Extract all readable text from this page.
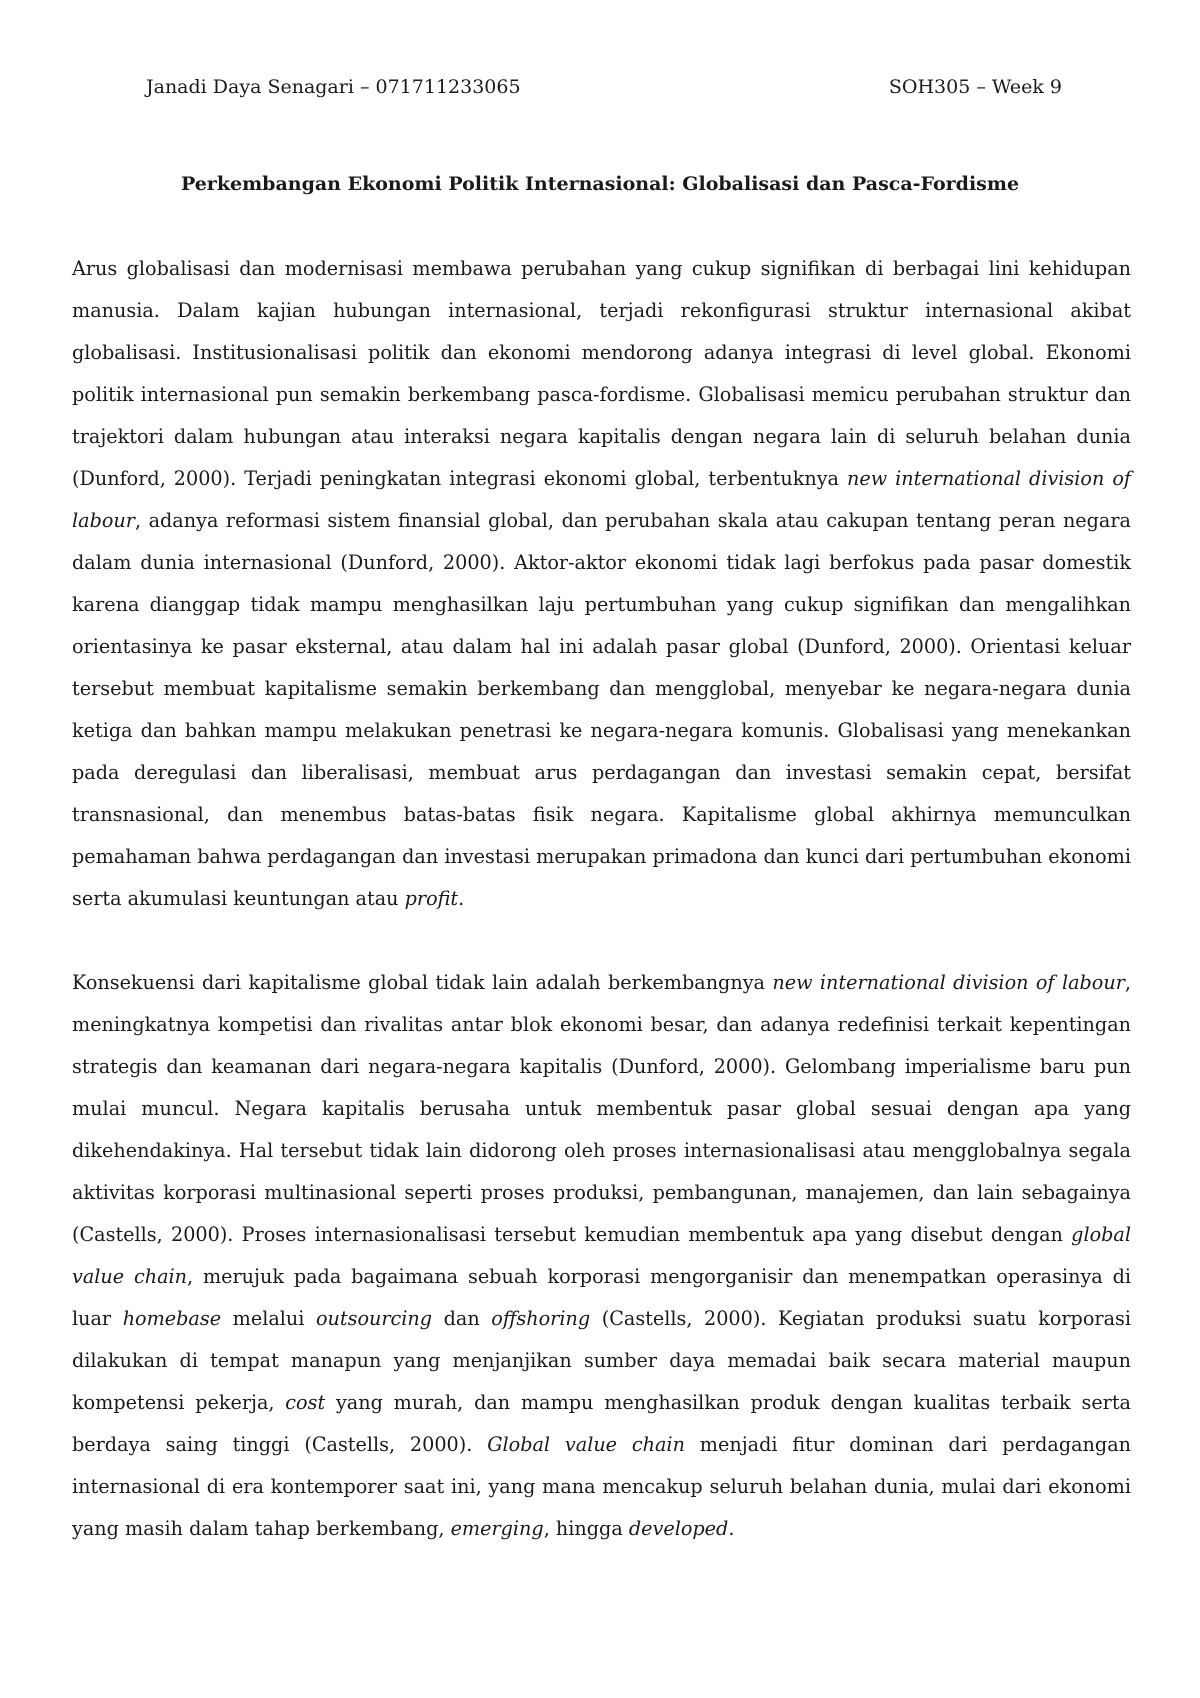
Janadi Daya Senagari – 071711233065	SOH305 – Week 9
Perkembangan Ekonomi Politik Internasional: Globalisasi dan Pasca-Fordisme

Arus globalisasi dan modernisasi membawa perubahan yang cukup signifikan di berbagai lini kehidupan manusia. Dalam kajian hubungan internasional, terjadi rekonfigurasi struktur internasional akibat globalisasi. Institusionalisasi politik dan ekonomi mendorong adanya integrasi di level global. Ekonomi politik internasional pun semakin berkembang pasca-fordisme. Globalisasi memicu perubahan struktur dan trajektori dalam hubungan atau interaksi negara kapitalis dengan negara lain di seluruh belahan dunia (Dunford, 2000). Terjadi peningkatan integrasi ekonomi global, terbentuknya new international division of labour, adanya reformasi sistem finansial global, dan perubahan skala atau cakupan tentang peran negara dalam dunia internasional (Dunford, 2000). Aktor-aktor ekonomi tidak lagi berfokus pada pasar domestik karena dianggap tidak mampu menghasilkan laju pertumbuhan yang cukup signifikan dan mengalihkan orientasinya ke pasar eksternal, atau dalam hal ini adalah pasar global (Dunford, 2000). Orientasi keluar tersebut membuat kapitalisme semakin berkembang dan mengglobal, menyebar ke negara-negara dunia ketiga dan bahkan mampu melakukan penetrasi ke negara-negara komunis. Globalisasi yang menekankan pada deregulasi dan liberalisasi, membuat arus perdagangan dan investasi semakin cepat, bersifat transnasional, dan menembus batas-batas fisik negara. Kapitalisme global akhirnya memunculkan pemahaman bahwa perdagangan dan investasi merupakan primadona dan kunci dari pertumbuhan ekonomi serta akumulasi keuntungan atau profit.

Konsekuensi dari kapitalisme global tidak lain adalah berkembangnya new international division of labour, meningkatnya kompetisi dan rivalitas antar blok ekonomi besar, dan adanya redefinisi terkait kepentingan strategis dan keamanan dari negara-negara kapitalis (Dunford, 2000). Gelombang imperialisme baru pun mulai muncul. Negara kapitalis berusaha untuk membentuk pasar global sesuai dengan apa yang dikehendakinya. Hal tersebut tidak lain didorong oleh proses internasionalisasi atau mengglobalnya segala aktivitas korporasi multinasional seperti proses produksi, pembangunan, manajemen, dan lain sebagainya (Castells, 2000). Proses internasionalisasi tersebut kemudian membentuk apa yang disebut dengan global value chain, merujuk pada bagaimana sebuah korporasi mengorganisir dan menempatkan operasinya di luar homebase melalui outsourcing dan offshoring (Castells, 2000). Kegiatan produksi suatu korporasi dilakukan di tempat manapun yang menjanjikan sumber daya memadai baik secara material maupun kompetensi pekerja, cost yang murah, dan mampu menghasilkan produk dengan kualitas terbaik serta berdaya saing tinggi (Castells, 2000). Global value chain menjadi fitur dominan dari perdagangan internasional di era kontemporer saat ini, yang mana mencakup seluruh belahan dunia, mulai dari ekonomi yang masih dalam tahap berkembang, emerging, hingga developed.
